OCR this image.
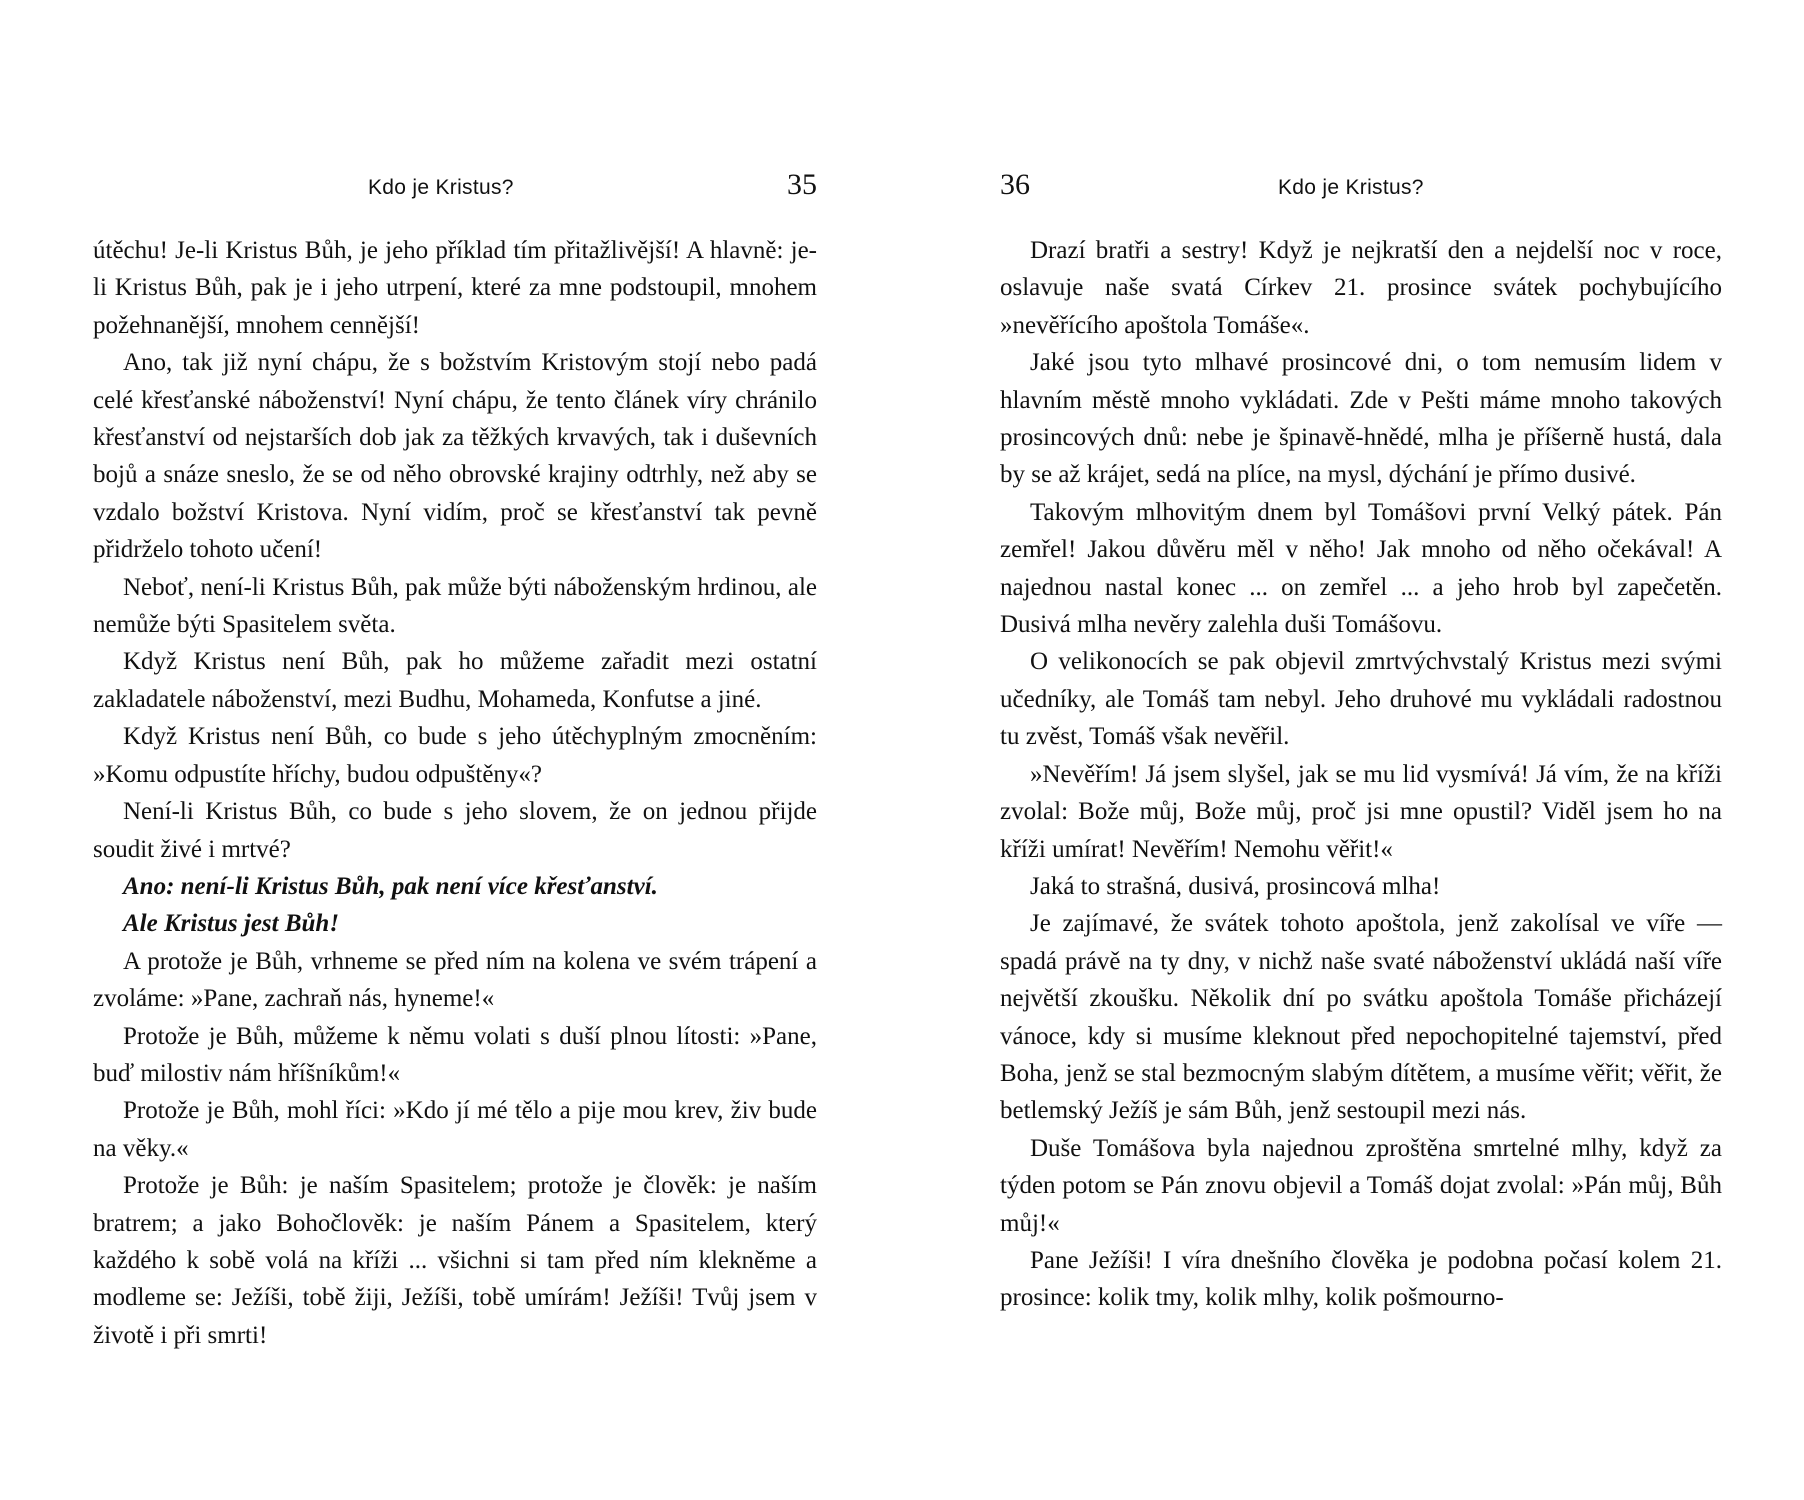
Kdo je Kristus?	35

útěchu! Je-li Kristus Bůh, je jeho příklad tím přitažlivější! A hlavně: je-li Kristus Bůh, pak je i jeho utrpení, které za mne podstoupil, mnohem požehnanější, mnohem cennější!

Ano, tak již nyní chápu, že s božstvím Kristovým stojí nebo padá celé křesťanské náboženství! Nyní chápu, že tento článek víry chránilo křesťanství od nejstarších dob jak za těžkých krvavých, tak i duševních bojů a snáze sneslo, že se od něho obrovské krajiny odtrhly, než aby se vzdalo božství Kristova. Nyní vidím, proč se křesťanství tak pevně přidrželo tohoto učení!

Neboť, není-li Kristus Bůh, pak může býti náboženským hrdinou, ale nemůže býti Spasitelem světa.

Když Kristus není Bůh, pak ho můžeme zařadit mezi ostatní zakladatele náboženství, mezi Budhu, Mohameda, Konfutse a jiné.

Když Kristus není Bůh, co bude s jeho útěchyplným zmocněním: »Komu odpustíte hříchy, budou odpuštěny«?

Není-li Kristus Bůh, co bude s jeho slovem, že on jednou přijde soudit živé i mrtvé?

Ano: není-li Kristus Bůh, pak není více křesťanství.

Ale Kristus jest Bůh!

A protože je Bůh, vrhneme se před ním na kolena ve svém trápení a zvoláme: »Pane, zachraň nás, hyneme!«

Protože je Bůh, můžeme k němu volati s duší plnou lítosti: »Pane, buď milostiv nám hříšníkům!«

Protože je Bůh, mohl říci: »Kdo jí mé tělo a pije mou krev, živ bude na věky.«

Protože je Bůh: je naším Spasitelem; protože je člověk: je naším bratrem; a jako Bohočlověk: je naším Pánem a Spasitelem, který každého k sobě volá na kříži ... všichni si tam před ním klekněme a modleme se: Ježíši, tobě žiji, Ježíši, tobě umírám! Ježíši! Tvůj jsem v životě i při smrti!

36	Kdo je Kristus?

Drazí bratři a sestry! Když je nejkratší den a nejdelší noc v roce, oslavuje naše svatá Církev 21. prosince svátek pochybujícího »nevěřícího apoštola Tomáše«.

Jaké jsou tyto mlhavé prosincové dni, o tom nemusím lidem v hlavním městě mnoho vykládati. Zde v Pešti máme mnoho takových prosincových dnů: nebe je špinavě-hnědé, mlha je příšerně hustá, dala by se až krájet, sedá na plíce, na mysl, dýchání je přímo dusivé.

Takovým mlhovitým dnem byl Tomášovi první Velký pátek. Pán zemřel! Jakou důvěru měl v něho! Jak mnoho od něho očekával! A najednou nastal konec ... on zemřel ... a jeho hrob byl zapečetěn. Dusivá mlha nevěry zalehla duši Tomášovu.

O velikonocích se pak objevil zmrtvýchvstalý Kristus mezi svými učedníky, ale Tomáš tam nebyl. Jeho druhové mu vykládali radostnou tu zvěst, Tomáš však nevěřil.

»Nevěřím! Já jsem slyšel, jak se mu lid vysmívá! Já vím, že na kříži zvolal: Bože můj, Bože můj, proč jsi mne opustil? Viděl jsem ho na kříži umírat! Nevěřím! Nemohu věřit!«

Jaká to strašná, dusivá, prosincová mlha!

Je zajímavé, že svátek tohoto apoštola, jenž zakolísal ve víře — spadá právě na ty dny, v nichž naše svaté náboženství ukládá naší víře největší zkoušku. Několik dní po svátku apoštola Tomáše přicházejí vánoce, kdy si musíme kleknout před nepochopitelné tajemství, před Boha, jenž se stal bezmocným slabým dítětem, a musíme věřit; věřit, že betlemský Ježíš je sám Bůh, jenž sestoupil mezi nás.

Duše Tomášova byla najednou zproštěna smrtelné mlhy, když za týden potom se Pán znovu objevil a Tomáš dojat zvolal: »Pán můj, Bůh můj!«

Pane Ježíši! I víra dnešního člověka je podobna počasí kolem 21. prosince: kolik tmy, kolik mlhy, kolik pošmourno-
